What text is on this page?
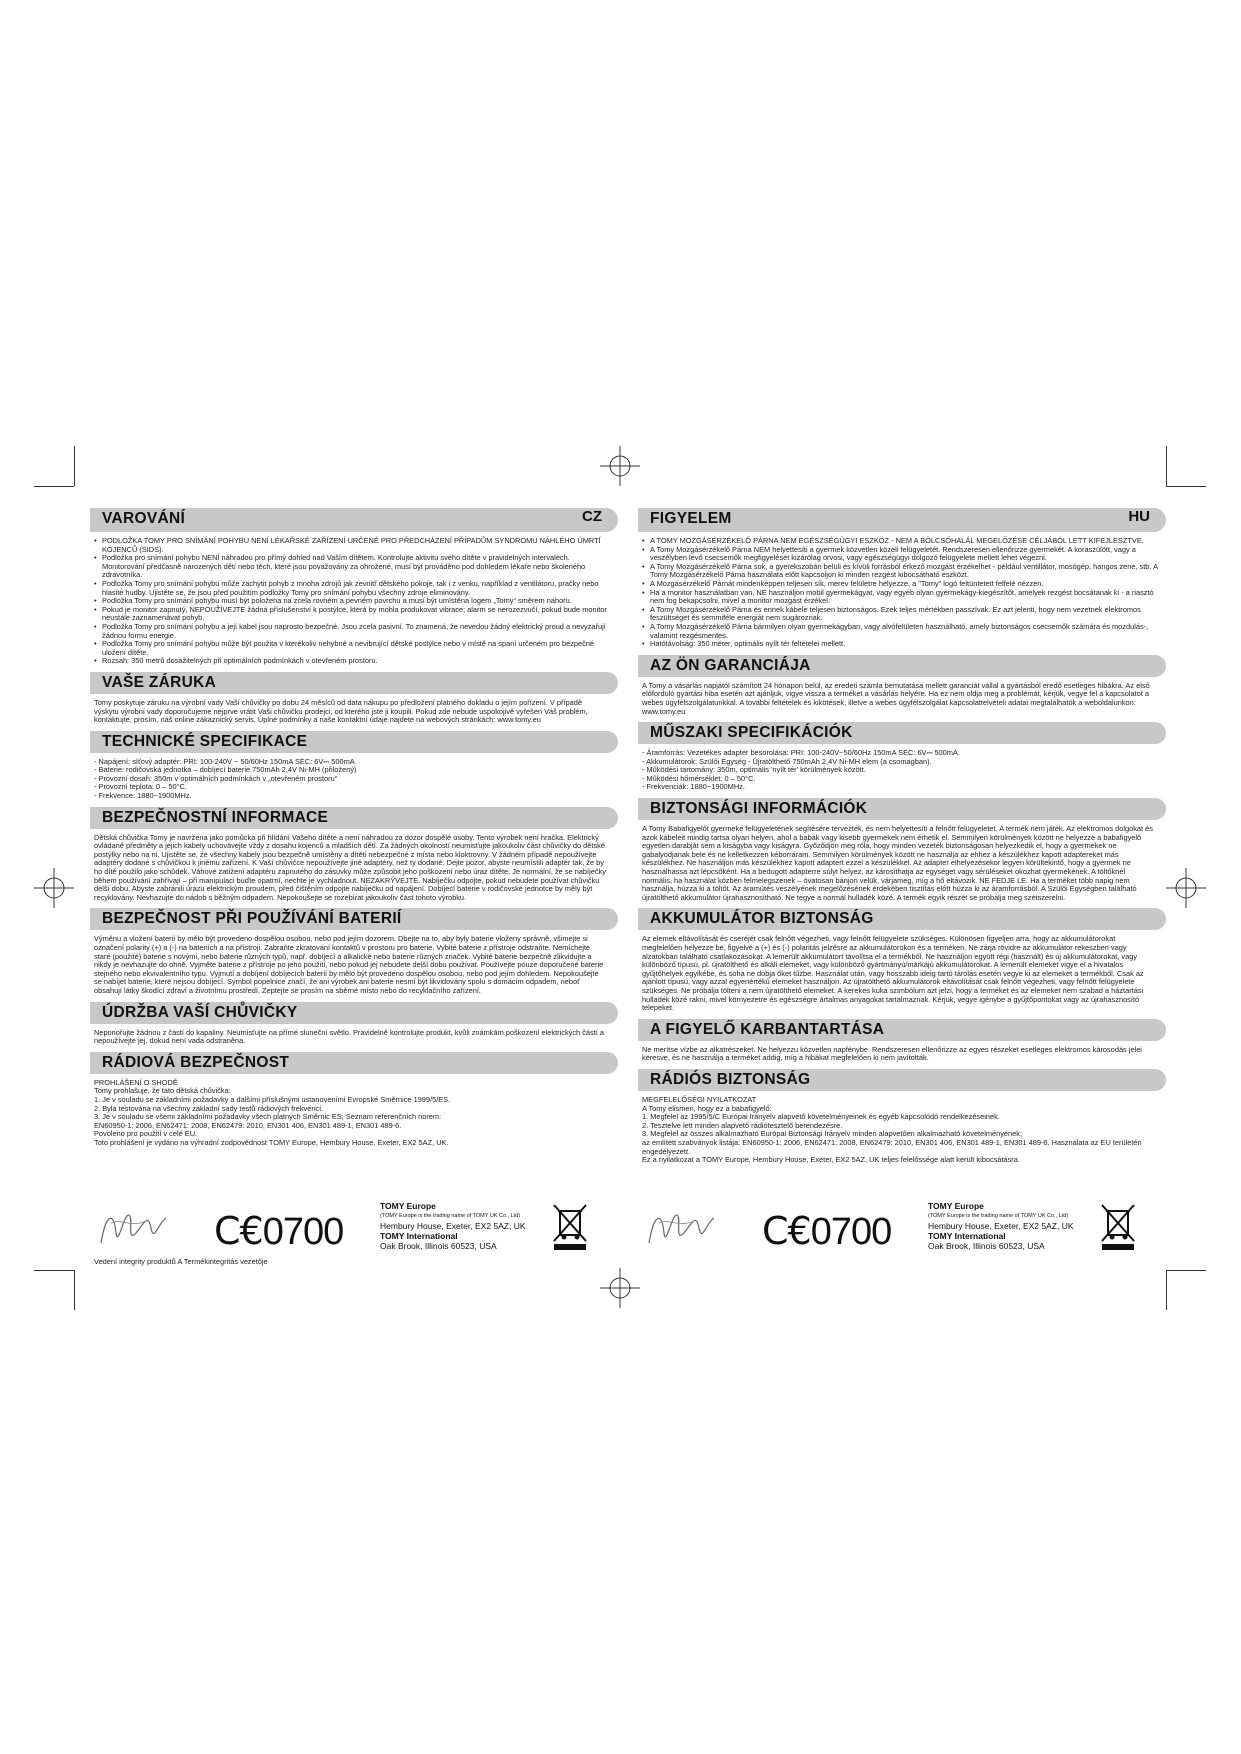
VAROVÁNÍ	CZ
• PODLOŽKA TOMY PRO SNÍMÁNÍ POHYBU NENÍ LÉKAŘSKÉ ZAŘÍZENÍ URČENÉ PRO PŘEDCHÁZENÍ PŘÍPADŮM SYNDROMU NÁHLÉHO ÚMRTÍ KOJENCŮ (SIDS).
• Podložka pro snímání pohybu NENÍ náhradou pro přímý dohled nad Vaším dítětem. Kontrolujte aktivitu svého dítěte v pravidelných intervalech. Monitorování předčasně narozených dětí nebo těch, které jsou považovány za ohrožené, musí být prováděno pod dohledem lékaře nebo školeného zdravotníka.
• Podložka Tomy pro snímání pohybu může zachytit pohyb z mnoha zdrojů jak zevnitř dětského pokoje, tak i z venku, například z ventilátoru, pračky nebo hlasité hudby. Ujistěte se, že jsou před použitím podložky Tomy pro snímání pohybu všechny zdroje eliminovány.
• Podložka Tomy pro snímání pohybu musí být položena na zcela rovném a pevném povrchu a musí být umístěna logem „Tomy“ směrem nahoru.
• Pokud je monitor zapnutý, NEPOUŽÍVEJTE žádná příslušenství k postýlce, která by mohla produkovat vibrace; alarm se nerozezvučí, pokud bude monitor neustále zaznamenávat pohyb.
• Podložka Tomy pro snímání pohybu a její kabel jsou naprosto bezpečné. Jsou zcela pasivní. To znamená, že nevedou žádný elektrický proud a nevyzařují žádnou formu energie.
• Podložka Tomy pro snímání pohybu může být použita v kterékoliv nehybné a nevibrující dětské postýlce nebo v místě na spaní určeném pro bezpečné uložení dítěte.
• Rozsah: 350 metrů dosažitelných při optimálních podmínkách v otevřeném prostoru.
VAŠE ZÁRUKA

Tomy poskytuje záruku na výrobní vady Vaší chůvičky po dobu 24 měsíců od data nákupu po předložení platného dokladu o jejím pořízení. V případě výskytu výrobní vady doporučujeme nejprve vrátit Vaši chůvičku prodejci, od kterého jste ji koupili. Pokud zde nebude uspokojivě vyřešen Váš problém, kontaktujte, prosím, náš online zákaznický servis. Úplné podmínky a naše kontaktní údaje najdete na webových stránkách: www.tomy.eu

TECHNICKÉ SPECIFIKACE

- Napájení: síťový adaptér: PRI: 100-240V ~ 50/60Hz 150mA SEC: 6V⎓ 500mA

- Baterie: rodičovská jednotka – dobíjecí baterie 750mAh 2,4V Ni-MH (přiložený)

- Provozní dosah: 350m v optimálních podmínkách v „otevřeném prostoru“

- Provozní teplota: 0 – 50°C.

- Frekvence: 1880~1900MHz.

BEZPEČNOSTNÍ INFORMACE

Dětská chůvička Tomy je navržena jako pomůcka při hlídání Vašeho dítěte a není náhradou za dozor dospělé osoby. Tento výrobek není hračka. Elektrický ovládané předměty a jejich kabely uchovávejte vždy z dosahu kojenců a mladších dětí. Za žádných okolností neumisťujte jakoukoliv část chůvičky do dětské postýlky nebo na ni. Ujistěte se, že všechny kabely jsou bezpečně umístěny a dítěti nebezpečné z místa nebo kloktrovny. V žádném případě nepoužívejte adaptéry dodané s chůvičkou k jinému zařízení. K Vaší chůvičce nepoužívejte jiné adaptéry, než ty dodané. Dejte pozor, abyste neumístili adaptér tak, že by ho dítě použilo jako schůdek. Váhové zatížení adaptéru zapnutého do zásuvky může způsobit jeho poškození nebo úraz dítěte. Je normální, že se nabíječky během používání zahřívají – při manipulaci buďte opatrní, nechte je vychladnout. NEZAKRÝVEJTE. Nabíječku odpojte, pokud nebudete používat chůvičku delší dobu. Abyste zabránili úrazu elektrickým proudem, před čištěním odpojte nabíječku od napájení. Dobíjecí baterie v rodičovské jednotce by měly být recyklovány. Nevhazujte do nádob s běžným odpadem. Nepokoušejte se rozebírat jakoukoliv část tohoto výrobku.

BEZPEČNOST PŘI POUŽÍVÁNÍ BATERIÍ

Výměnu a vložení baterií by mělo být provedeno dospělou osobou, nebo pod jejím dozorem. Dbejte na to, aby byly baterie vloženy správně, všimejte si označení polarity (+) a (-) na bateriích a na přístroji. Zabraňte zkratování kontaktů v prostoru pro baterie. Vybité baterie z přístroje odstraňte. Nemíchejte staré (použité) baterie s novými, nebo baterie různých typů, např. dobíjecí a alkalické nebo baterie různých značek. Vybité baterie bezpečně zlikvidujte a nikdy je nevhazujte do ohně. Vyjměte baterie z přístroje po jeho použití, nebo pokud jej nebudete delší dobu používat. Používejte pouze doporučené baterie stejného nebo ekvivalentního typu. Vyjmutí a dobíjení dobíjecích baterií by mělo být provedeno dospělou osobou, nebo pod jejím dohledem. Nepokoušejte se nabíjet baterie, které nejsou dobíjecí. Symbol popelnice značí, že ani výrobek ani baterie nesmí být likvidovány spolu s domácím odpadem, neboť obsahují látky škodící zdraví a životnímu prostředí. Zeptejte se prosím na sběrné místo nebo do recyklačního zařízení.

ÚDRŽBA VAŠÍ CHŮVIČKY

Neponořujte žádnou z částí do kapaliny. Neumisťujte na přímé sluneční světlo. Pravidelně kontrolujte produkt, kvůli známkám poškození elektrických částí a nepoužívejte jej, dokud není vada odstraněna.

RÁDIOVÁ BEZPEČNOST

PROHLÁŠENÍ O SHODĚ

Tomy prohlašuje, že tato dětská chůvička:

1. Je v souladu se základními požadavky a dalšími příslušnými ustanoveními Evropské Směrnice 1999/5/ES.

2. Byla testována na všechny základní sady testů rádiových frekvencí.

3. Je v souladu se všemi základními požadavky všech platných Směrnic ES; Seznam referenčních norem:

EN60950-1: 2006, EN62471: 2008, EN62479: 2010, EN301 406, EN301 489-1, EN301 489-6.

Povoleno pro použití v celé EU.

Toto prohlášení je vydáno na výhradní zodpovědnost TOMY Europe, Hembury House, Exeter, EX2 5AZ, UK.

FIGYELEM	HU
• A TOMY MOZGÁSÉRZÉKELŐ PÁRNA NEM EGÉSZSÉGÜGYI ESZKÖZ - NEM A BÖLCSŐHALÁL MEGELŐZÉSE CÉLJÁBÓL LETT KIFEJLESZTVE.
• A Tomy Mozgásérzékelő Párna NEM helyettesíti a gyermek közvetlen közeli felügyeletét. Rendszeresen ellenőrizze gyermekét. A koraszülött, vagy a veszélyben levő csecsemők megfigyelését kizárólag orvosi, vagy egészségügyi dolgozó felügyelete mellett lehet végezni.
• A Tomy Mozgásérzékelő Párna sok, a gyerekszobán belüli és kívüli forrásból érkező mozgást érzékelhet - például ventillátor, mosógép, hangos zene, stb. A Tomy Mozgásérzékelő Párna használata előtt kapcsoljon ki minden rezgést kibocsátható eszközt.
• A Mozgásérzékelő Párnát mindenképpen teljesen sík, merev felületre helyezze, a "Tomy" logó feltüntetett felfelé nézzen.
• Ha a monitor használatban van, NE használjon mobil gyermekágyat, vagy egyéb olyan gyermekágy-kiegészítőt, amelyek rezgést bocsátanak ki - a riasztó nem fog bekapcsolni, mivel a monitor mozgást érzékel.
• A Tomy Mozgásérzékelő Párna és ennek kábele teljesen biztonságos. Ezek teljes mértékben passzívak. Ez azt jelenti, hogy nem vezetnek elektromos feszültséget és semmiféle energiát nem sugároznak.
• A Tomy Mozgásérzékelő Párna bármilyen olyan gyermekágyban, vagy alvófelületen használható, amely biztonságos csecsemők számára és mozdulás-, valamint rezgésmentes.
• Hatótávolság: 350 méter, optimális nyílt tér feltételei mellett.
AZ ÖN GARANCIÁJA

A Tomy a vásárlás napjától számított 24 hónapon belül, az eredeti számla bemutatása mellett garanciát vállal a gyártásból eredő esetleges hibákra. Az első előforduló gyártási hiba esetén azt ajánljuk, vigye vissza a terméket a vásárlás helyére. Ha ez nem oldja meg a problémát, kérjük, vegye fel a kapcsolatot a webes ügyfélszolgálatunkkal. A további feltételek és kikötések, illetve a webes ügyfélszolgálat kapcsolattelvételi adatai megtalálhatók a weboldalunkon: www.tomy.eu

MŰSZAKI SPECIFIKÁCIÓK

- Áramforrás: Vezetékes adapter besorolása: PRI: 100-240V~50/60Hz 150mA SEC: 6V⎓ 500mA.

- Akkumulátorok: Szülői Egység - Újratölthető 750mAh 2,4V Ni-MH elem (a csomagban).

- Működési tartomány: 350m, optimális 'nyílt tér' körülmények között.

- Működési hőmérséklet: 0 – 50°C.

- Frekvenciák: 1880~1900MHz.

BIZTONSÁGI INFORMÁCIÓK

A Tomy Babafigyelőt gyermeke felügyeletének segítésére tervezték, és nem helyettesíti a felnőtt felügyeletet. A termék nem játék. Az elektromos dolgokat és azok kábeleit mindig tartsa olyan helyen, ahol a babák vagy kisebb gyermekek nem érhetik el. Semmilyen körülmények között ne helyezze a babafigyelő egyetlen darabját sem a kiságyba vagy kiságyra. Győződjön meg róla, hogy minden vezeték biztonságosan helyezkedik el, hogy a gyermekek ne gabalyodjanak bele és ne kelletkezzen kéborráram. Semmilyen körülmények között ne használja az ehhez a készülékhez kapott adaptereket más készülékhez. Ne használjon más készülékhez kapott adaptert ezzel a készülékkel. Az adapter elhelyezésekor legyen körültekintő, hogy a gyermek ne használhassa azt lépcsőként. Ha a bedugott adapterre súlyt helyez, az károsíthatja az egységet vagy sérüléseket okozhat gyermekének. A töltőknél normális, ha használat közben felmelegszenek – óvatosan bánjon velük, várjameg, míg a hő eltávozik. NE FEDJE LE. Ha a terméket több napig nem használja, húzza ki a töltőt. Az áramütés veszélyének megelőzésének érdekében tisztítás előtt húzza ki az áramforrásból. A Szülői Egységben található újratölthető akkumulátor újrahasznosítható. Ne tegye a normál hulladék közé. A termék egyik részét se próbálja meg szétszerelni.

AKKUMULÁTOR BIZTONSÁG

Az elemek eltávolítását és cseréjét csak felnőtt végezheti, vagy felnőtt felügyelete szükséges. Különösen figyeljen arra, hogy az akkumulátorokat megfelelően helyezze be, figyelve a (+) és (-) polaritás jelzésre az akkumulátorokon és a terméken. Ne zárja rövidre az akkumulátor rekeszben vagy alzatokban található csatlakozásokat. A lemerült akkumulátort távolítsa el a termékből. Ne használjon együtt régi (használt) és új akkumulátorokat, vagy különböző típusú, pl. újratölthető és alkáli elemeket, vagy különböző gyártmányú/márkájú akkumulátorokat. A lemerült elemeket vigye el a hivatalos gyűjtőhelyek egyikébe, és soha ne dobja őket tűzbe. Használat után, vagy hosszabb ideig tartó tárolás esetén vegye ki az elemeket a termékből. Csak az ajánlott típusú, vagy azzal egyenértékű elemeket használjon. Az újratölthető akkumulátorok eltávolítását csak felnőtt végezheti, vagy felnőtt felügyelete szükséges. Ne próbálja tölteni a nem újratölthető elemeket. A kerekes kuka szimbólum azt jelzi, hogy a terméket és az elemeket nem szabad a háztartási hulladék közé rakni, mivel környezetre és egészségre ártalmas anyagokat tartalmaznak. Kérjük, vegye igénybe a gyűjtőpontokat vagy az újrahasznosító telepeket.

A FIGYELŐ KARBANTARTÁSA

Ne merítse vízbe az alkatrészeket. Ne helyezzu közvetlen napfénybe. Rendszeresen ellenőrizze az egyes részeket esetleges elektromos károsodás jelei keresve, és ne használja a terméket addig, míg a hibákat megfelelően ki nem javították.

RÁDIÓS BIZTONSÁG

MEGFELELŐSÉGI NYILATKOZAT

A Tomy elismeri, hogy ez a babafigyelő:

1. Megfelel az 1995/5/C Európai Irányelv alapvető követelményeinek és egyéb kapcsolódó rendelkezéseinek.

2. Tesztelve lett minden alapvető rádiótesztelő berendezésre.

3. Megfelel az összes alkalmazható Európai Biztonsági Irányelv minden alapvetően alkalmazható követelményének;

az említett szabványok listája: EN60950-1: 2006, EN62471: 2008, EN62479: 2010, EN301 406, EN301 489-1, EN301 489-6. Használata az EU területén engedélyezett.

Ez a nyilatkozat a TOMY Europe, Hembury House, Exeter, EX2 5AZ, UK teljes felelőssége alatt került kibocsátásra.

C€0700
TOMY Europe
(TOMY Europe is the trading name of TOMY UK Co., Ltd)
Hembury House, Exeter, EX2 5AZ, UK
TOMY International
Oak Brook, Illinois 60523, USA
Vedení integrity produktů A Termékintegritás vezetője
C€0700
TOMY Europe
(TOMY Europe is the trading name of TOMY UK Co., Ltd)
Hembury House, Exeter, EX2 5AZ, UK
TOMY International
Oak Brook, Illinois 60523, USA
